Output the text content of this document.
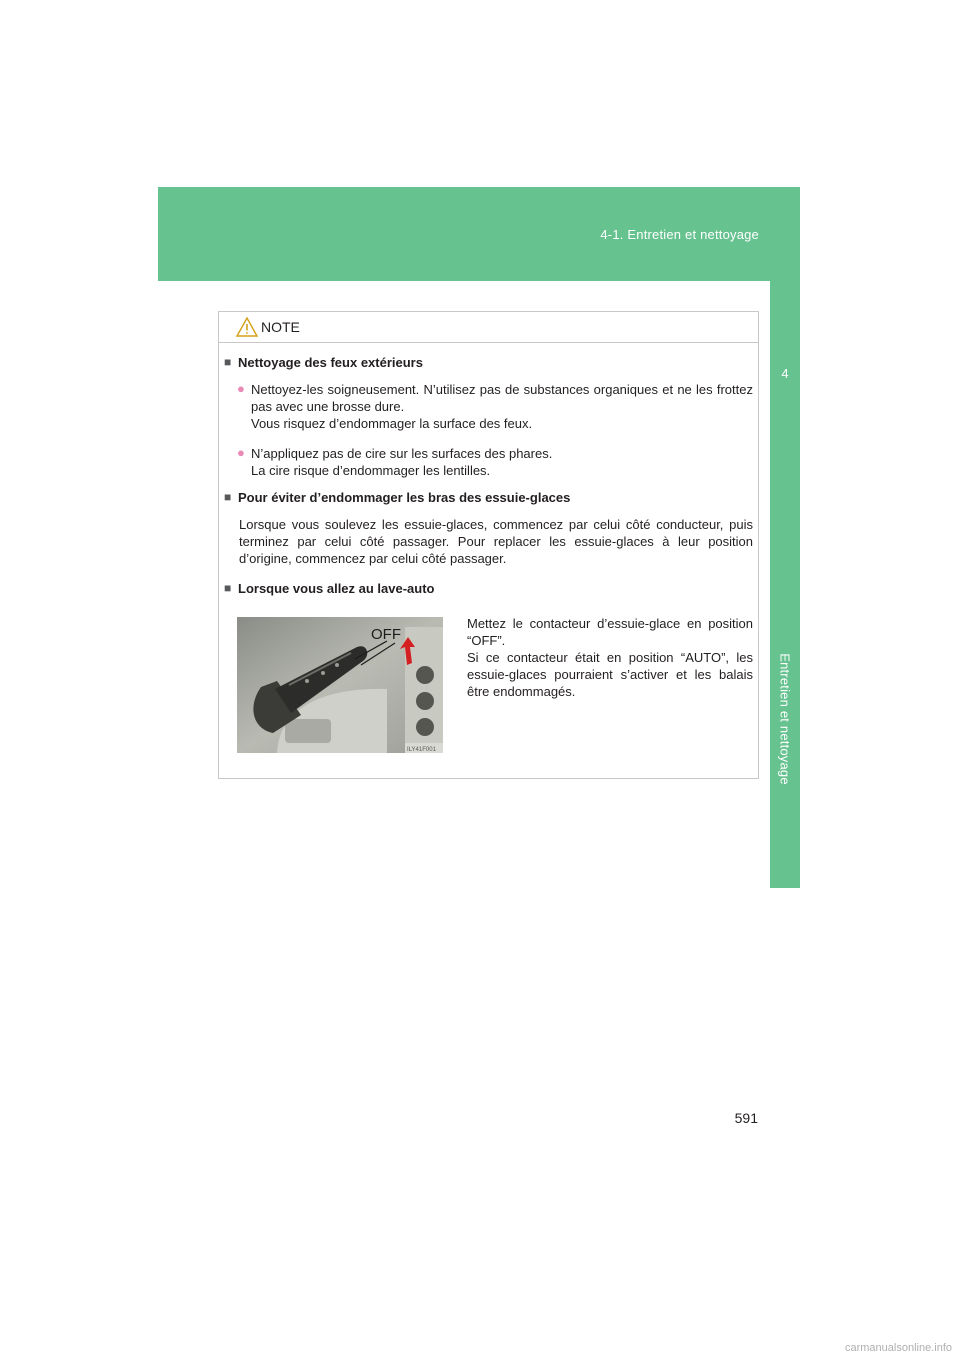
4-1. Entretien et nettoyage
4
Entretien et nettoyage
NOTE
■ Nettoyage des feux extérieurs
● Nettoyez-les soigneusement. N’utilisez pas de substances organiques et ne les frottez pas avec une brosse dure.
Vous risquez d’endommager la surface des feux.
● N’appliquez pas de cire sur les surfaces des phares.
La cire risque d’endommager les lentilles.
■ Pour éviter d’endommager les bras des essuie-glaces
Lorsque vous soulevez les essuie-glaces, commencez par celui côté conducteur, puis terminez par celui côté passager. Pour replacer les essuie-glaces à leur position d’origine, commencez par celui côté passager.
■ Lorsque vous allez au lave-auto
OFF
ILY41F001
Mettez le contacteur d’essuie-glace en position “OFF”.
Si ce contacteur était en position “AUTO”, les essuie-glaces pourraient s’activer et les balais être endommagés.
591
carmanualsonline.info
